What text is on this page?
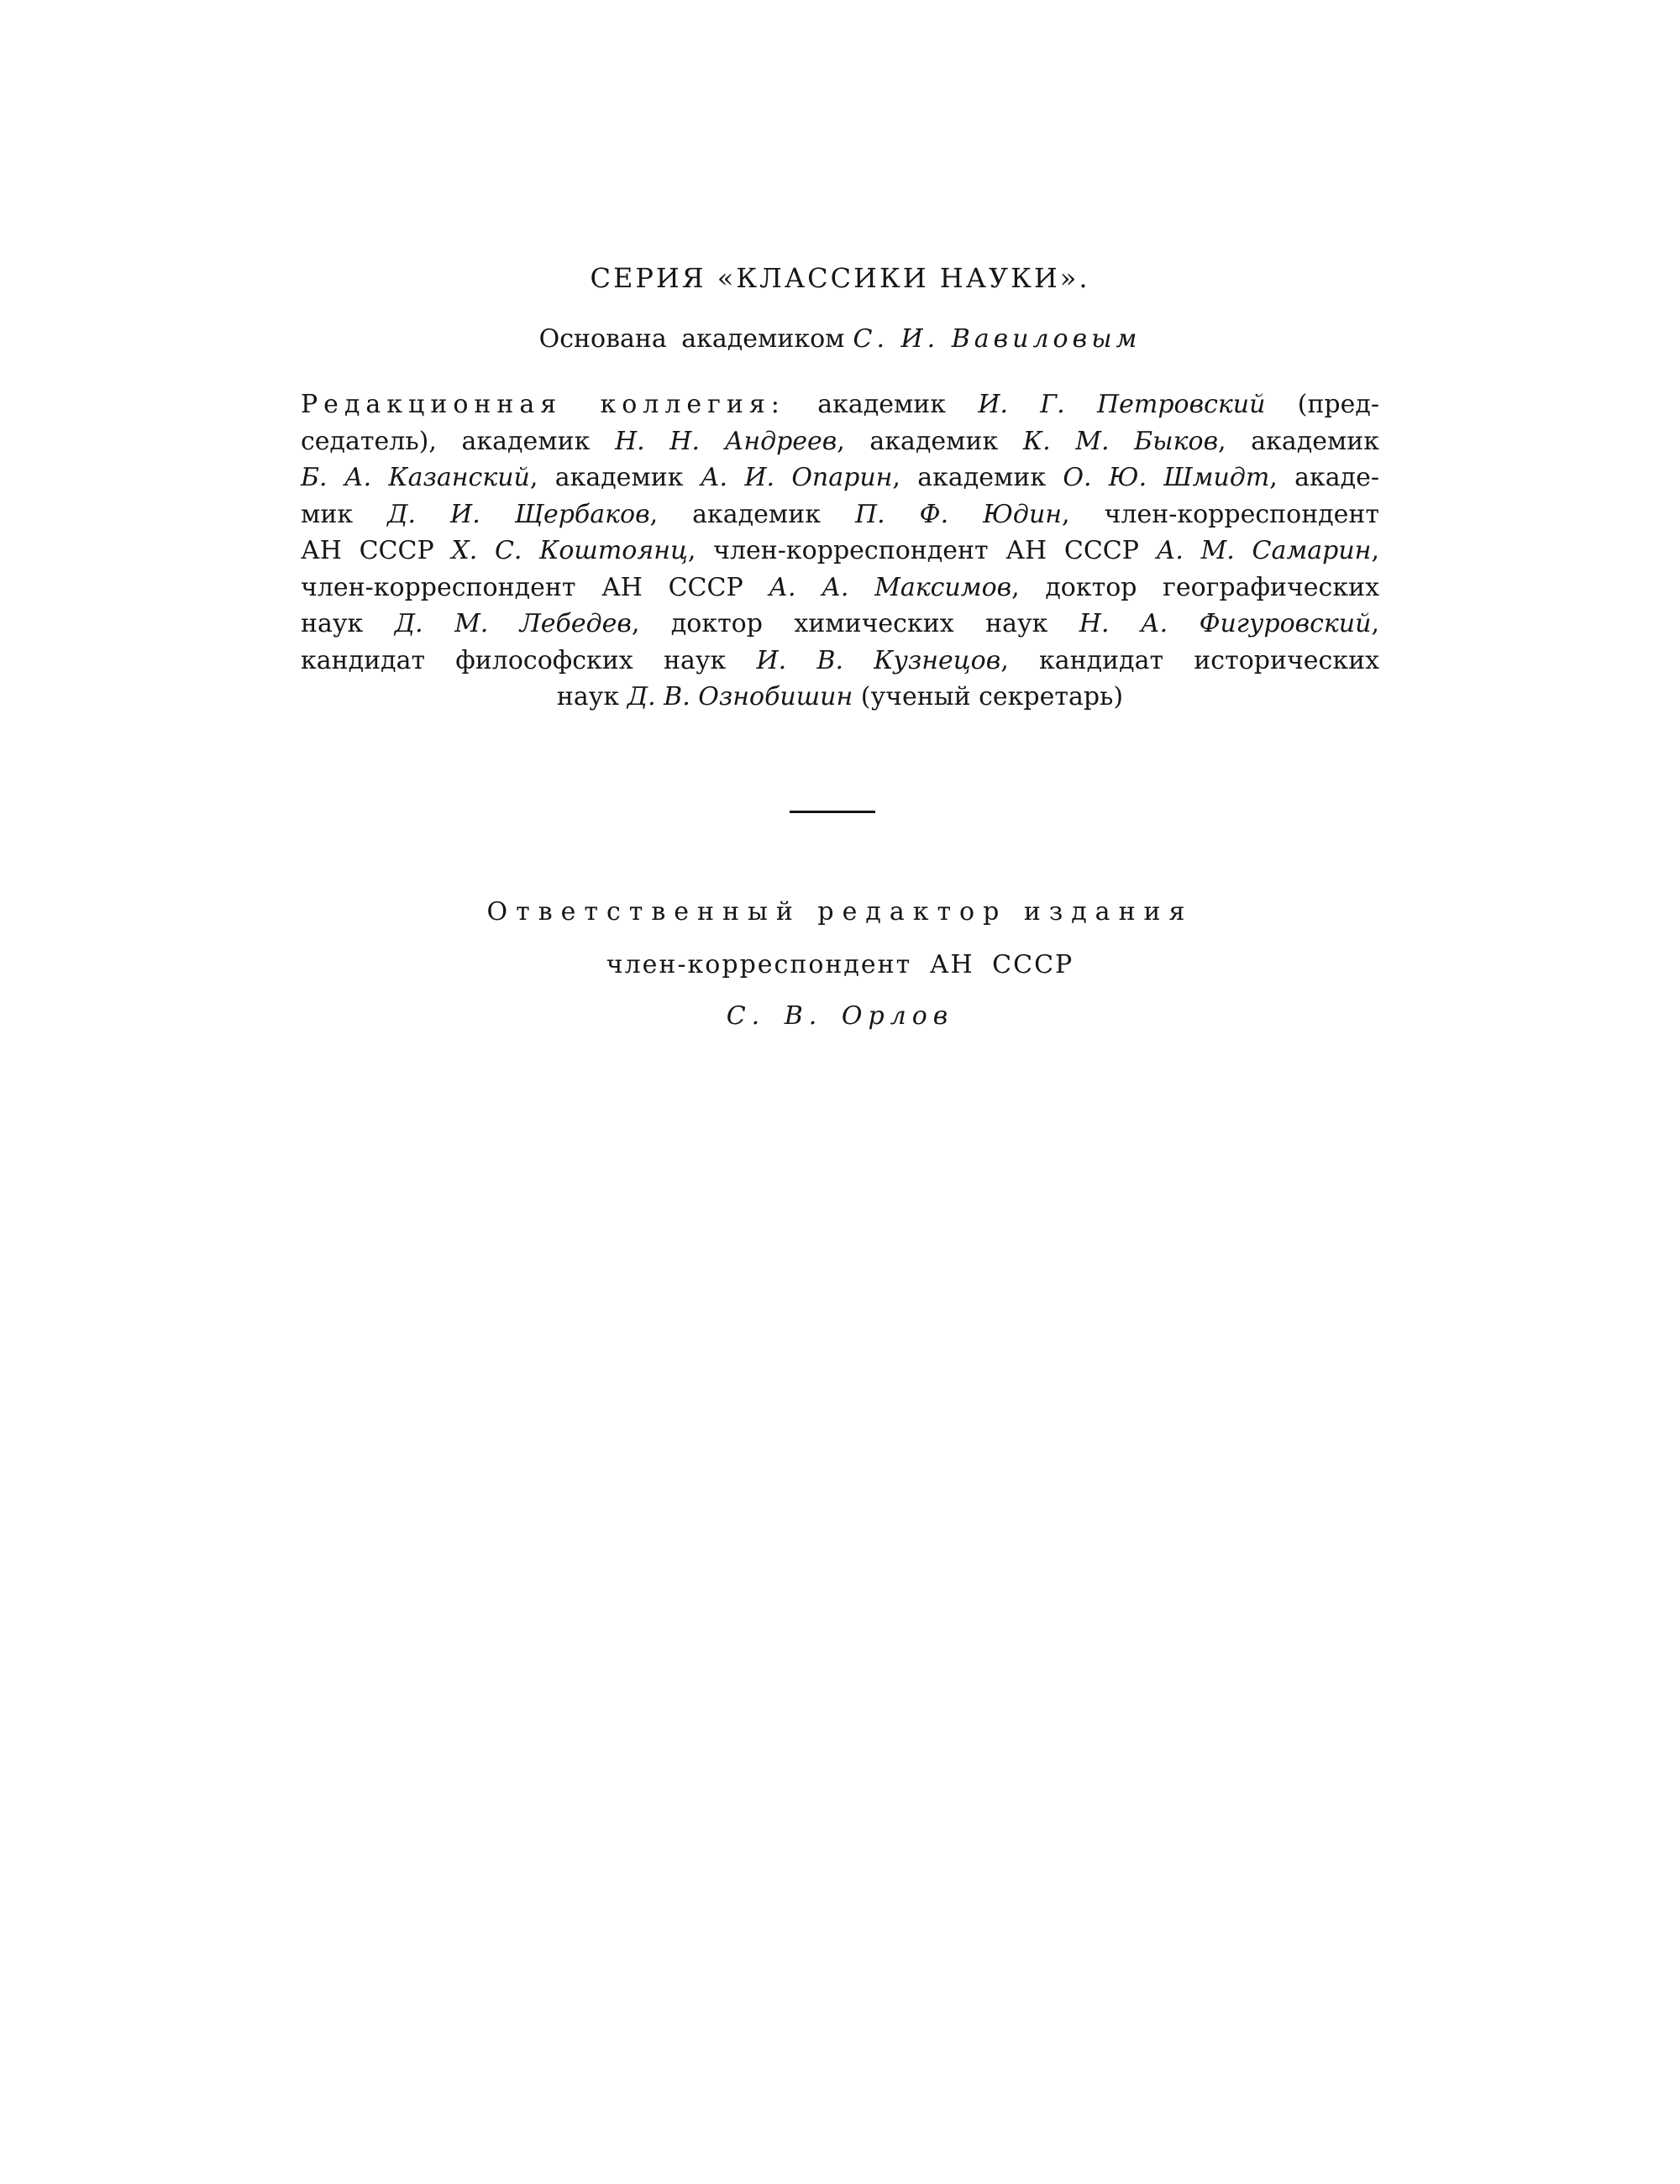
СЕРИЯ «КЛАССИКИ НАУКИ».
Основана академиком С. И. Вавиловым
Редакционная коллегия: академик И. Г. Петровский (пред-
седатель), академик Н. Н. Андреев, академик К. М. Быков, академик
Б. А. Казанский, академик А. И. Опарин, академик О. Ю. Шмидт, акаде-
мик Д. И. Щербаков, академик П. Ф. Юдин, член-корреспондент
АН СССР Х. С. Коштоянц, член-корреспондент АН СССР А. М. Самарин,
член-корреспондент АН СССР А. А. Максимов, доктор географических
наук Д. М. Лебедев, доктор химических наук Н. А. Фигуровский,
кандидат философских наук И. В. Кузнецов, кандидат исторических
наук Д. В. Ознобишин (ученый секретарь)
Ответственный редактор издания
член-корреспондент АН СССР
С. В. Орлов
